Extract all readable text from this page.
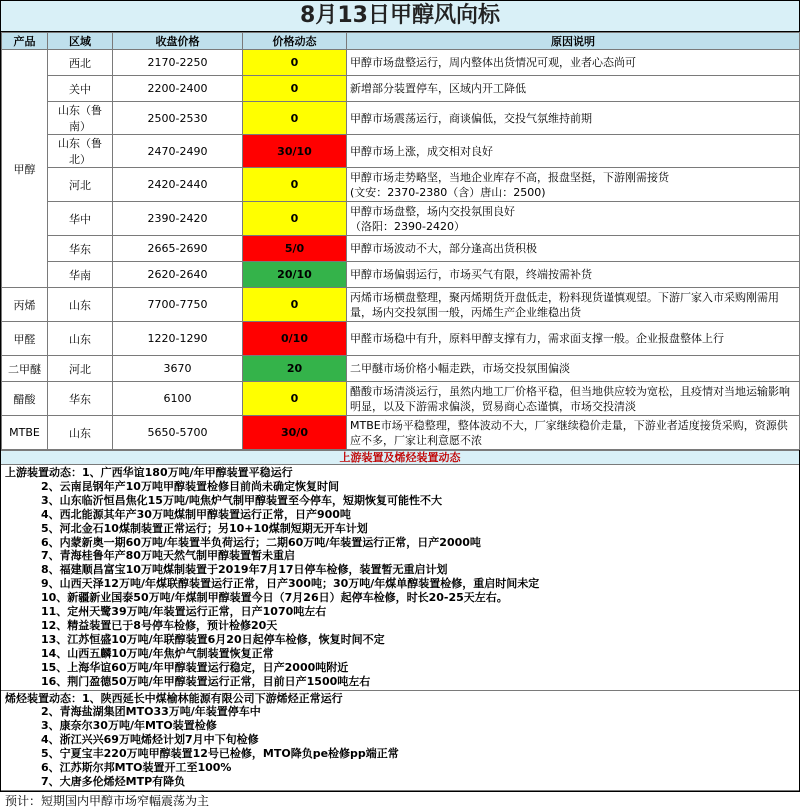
8月13日甲醇风向标
产品	区域	收盘价格	价格动态	原因说明
甲醇	西北	2170-2250	0	甲醇市场盘整运行，周内整体出货情况可观，业者心态尚可

	关中	2200-2400	0	新增部分装置停车，区域内开工降低

	山东（鲁南）	2500-2530	0	甲醇市场震荡运行，商谈偏低，交投气氛维持前期

	山东（鲁北）	2470-2490	30/10	甲醇市场上涨，成交相对良好

	河北	2420-2440	0	甲醇市场走势略坚，当地企业库存不高，报盘坚挺，下游刚需接货
(文安：2370-2380（含）唐山：2500)

	华中	2390-2420	0	甲醇市场盘整，场内交投氛围良好
（洛阳：2390-2420）

	华东	2665-2690	5/0	甲醇市场波动不大，部分逢高出货积极

	华南	2620-2640	20/10	甲醇市场偏弱运行，市场买气有限，终端按需补货

丙烯	山东	7700-7750	0	丙烯市场横盘整理，聚丙烯期货开盘低走，粉料现货谨慎观望。下游厂家入市采购刚需用量，场内交投氛围一般，丙烯生产企业维稳出货

甲醛	山东	1220-1290	0/10	甲醛市场稳中有升，原料甲醇支撑有力，需求面支撑一般。企业报盘整体上行

二甲醚	河北	3670	20	二甲醚市场价格小幅走跌，市场交投氛围偏淡

醋酸	华东	6100	0	醋酸市场清淡运行，虽然内地工厂价格平稳，但当地供应较为宽松，且疫情对当地运输影响明显，以及下游需求偏淡，贸易商心态谨慎，市场交投清淡

MTBE	山东	5650-5700	30/0	MTBE市场平稳整理，整体波动不大，厂家继续稳价走量，下游业者适度接货采购，资源供应不多，厂家让利意愿不浓
上游装置及烯烃装置动态
上游装置动态：1、广西华谊180万吨/年甲醇装置平稳运行
2、云南昆钢年产10万吨甲醇装置检修目前尚未确定恢复时间
3、山东临沂恒昌焦化15万吨/吨焦炉气制甲醇装置至今停车，短期恢复可能性不大
4、西北能源其年产30万吨煤制甲醇装置运行正常，日产900吨
5、河北金石10煤制装置正常运行；另10+10煤制短期无开车计划
6、内蒙新奥一期60万吨/年装置半负荷运行；二期60万吨/年装置运行正常，日产2000吨
7、青海桂鲁年产80万吨天然气制甲醇装置暂未重启
8、福建顺昌富宝10万吨煤制装置于2019年7月17日停车检修，装置暂无重启计划
9、山西天泽12万吨/年煤联醇装置运行正常，日产300吨；30万吨/年煤单醇装置检修，重启时间未定
10、新疆新业国泰50万吨/年煤制甲醇装置今日（7月26日）起停车检修，时长20-25天左右。
11、定州天鹭39万吨/年装置运行正常，日产1070吨左右
12、精益装置已于8号停车检修，预计检修20天
13、江苏恒盛10万吨/年联醇装置6月20日起停车检修，恢复时间不定
14、山西五麟10万吨/年焦炉气制装置恢复正常
15、上海华谊60万吨/年甲醇装置运行稳定，日产2000吨附近
16、荆门盈德50万吨/年甲醇装置运行正常，目前日产1500吨左右
烯烃装置动态：1、陕西延长中煤榆林能源有限公司下游烯烃正常运行
2、青海盐湖集团MTO33万吨/年装置停车中
3、康奈尔30万吨/年MTO装置检修
4、浙江兴兴69万吨烯烃计划7月中下旬检修
5、宁夏宝丰220万吨甲醇装置12号已检修，MTO降负pe检修pp端正常
6、江苏斯尔邦MTO装置开工至100%
7、大唐多伦烯烃MTP有降负
预计：短期国内甲醇市场窄幅震荡为主
